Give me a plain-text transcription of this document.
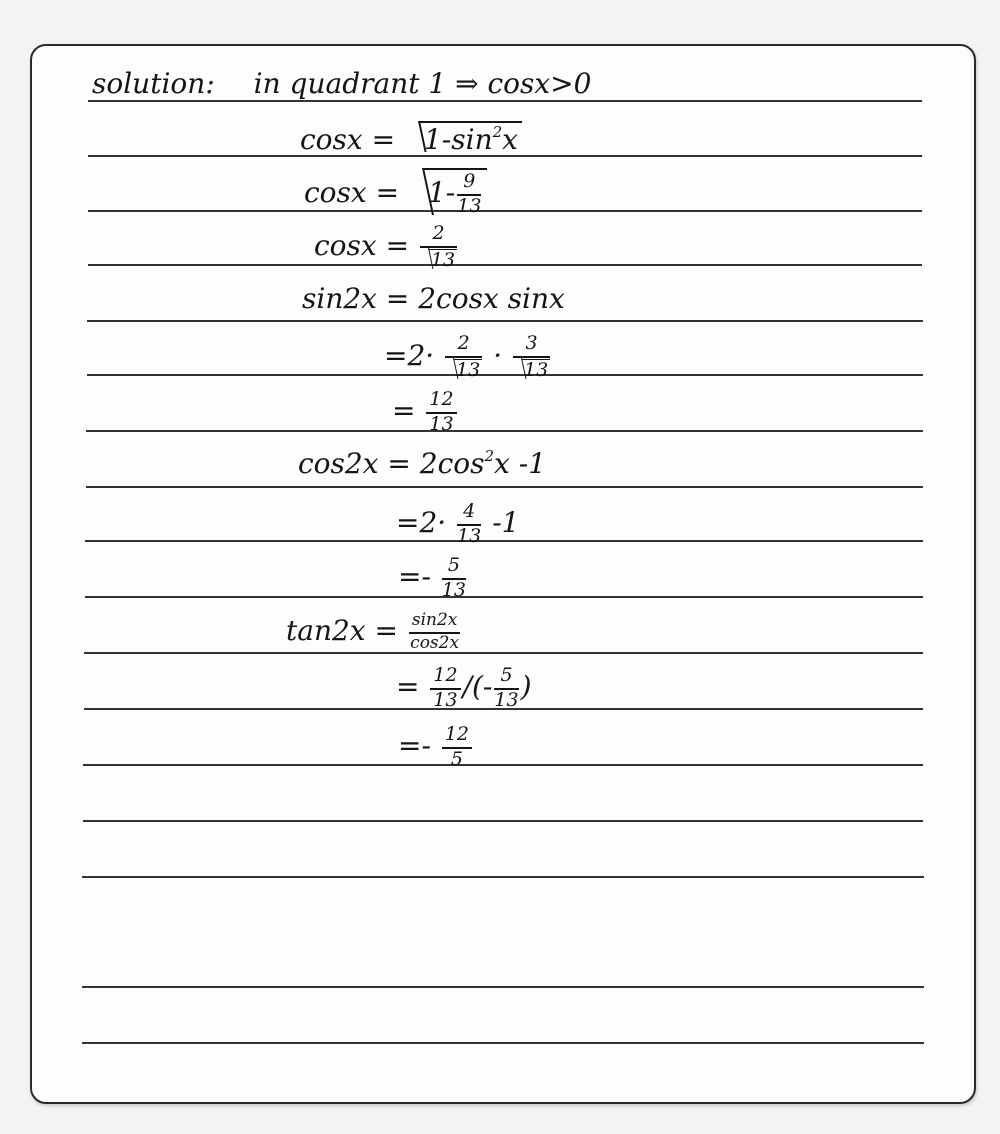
solution: in quadrant 1 ⇒ cosx>0
$\cos x = 1-\sin^2x$
$\cos x = 1- \frac{9}{13}$
$\cos x = \frac{2}{13}$
sin2x = 2cosx sinx
$=2\cdot \frac{2}{13} \cdot \frac{3}{13}$
= $\frac{12}{13}$
$\cos 2x = 2\cos^2x$ -1
$=2\cdot \frac{4}{13} -1$
=- $\frac{5}{13}$
$\tan 2x = \frac{\sin 2x}{\cos 2x}$
= $\frac{12}{13}$ /(- $\frac{5}{13}$ )
=- $\frac{12}{5}$
